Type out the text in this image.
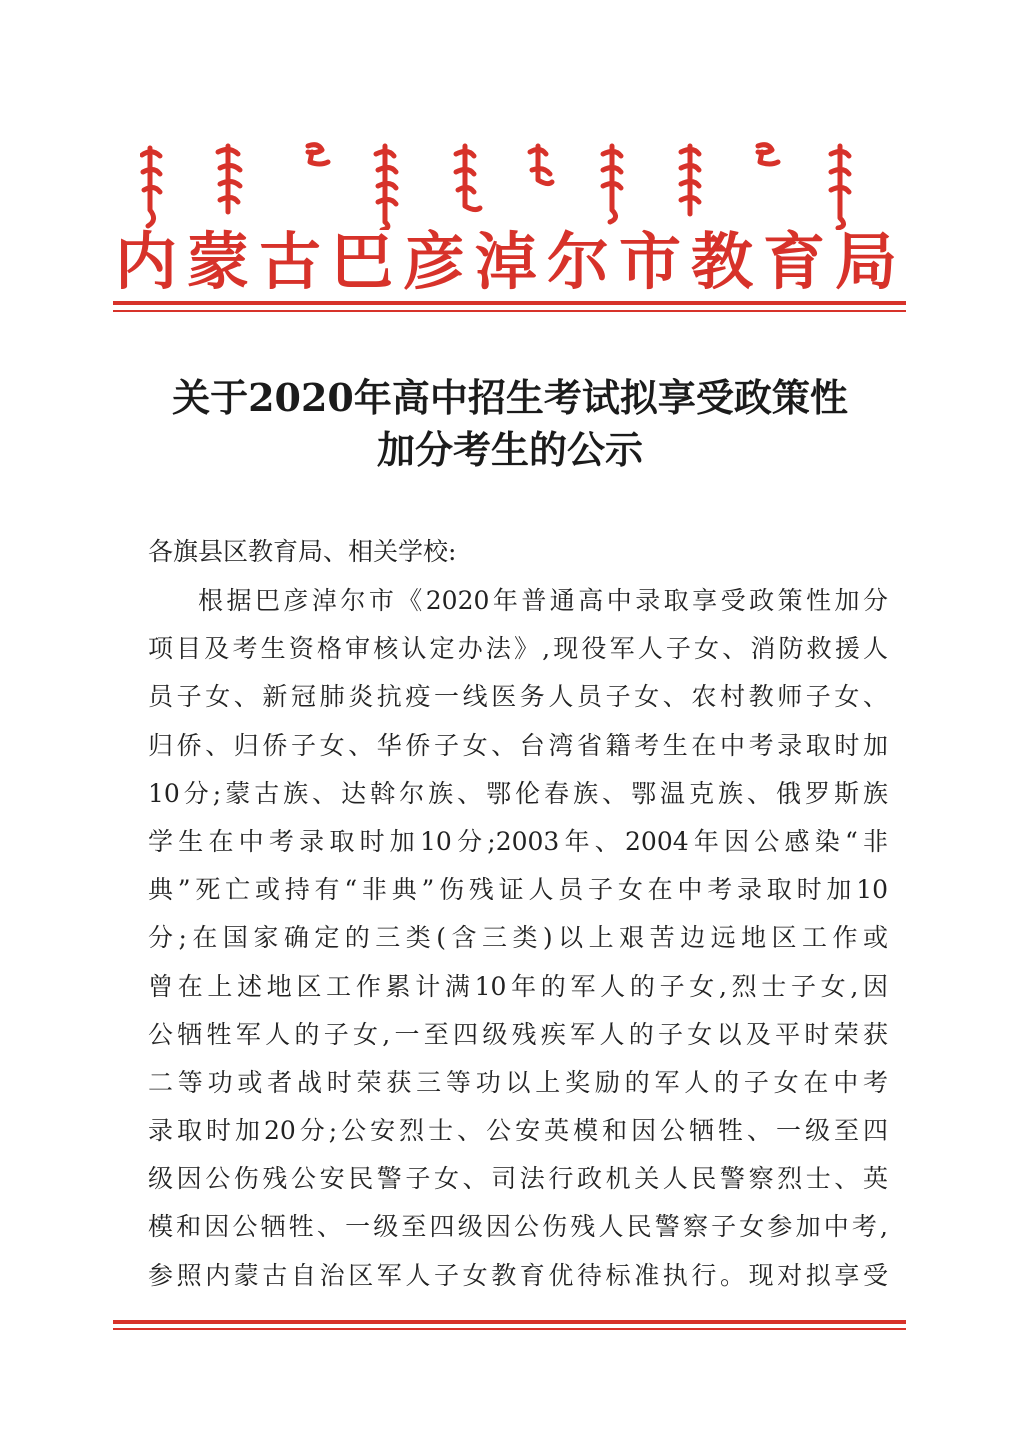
内蒙古巴彦淖尔市教育局
关于2020年高中招生考试拟享受政策性
加分考生的公示
各旗县区教育局、相关学校:
根据巴彦淖尔市《2020年普通高中录取享受政策性加分
项目及考生资格审核认定办法》,现役军人子女、消防救援人
员子女、新冠肺炎抗疫一线医务人员子女、农村教师子女、
归侨、归侨子女、华侨子女、台湾省籍考生在中考录取时加
10分;蒙古族、达斡尔族、鄂伦春族、鄂温克族、俄罗斯族
学生在中考录取时加10分;2003年、2004年因公感染“非
典”死亡或持有“非典”伤残证人员子女在中考录取时加10
分;在国家确定的三类(含三类)以上艰苦边远地区工作或
曾在上述地区工作累计满10年的军人的子女,烈士子女,因
公牺牲军人的子女,一至四级残疾军人的子女以及平时荣获
二等功或者战时荣获三等功以上奖励的军人的子女在中考
录取时加20分;公安烈士、公安英模和因公牺牲、一级至四
级因公伤残公安民警子女、司法行政机关人民警察烈士、英
模和因公牺牲、一级至四级因公伤残人民警察子女参加中考,
参照内蒙古自治区军人子女教育优待标准执行。现对拟享受
